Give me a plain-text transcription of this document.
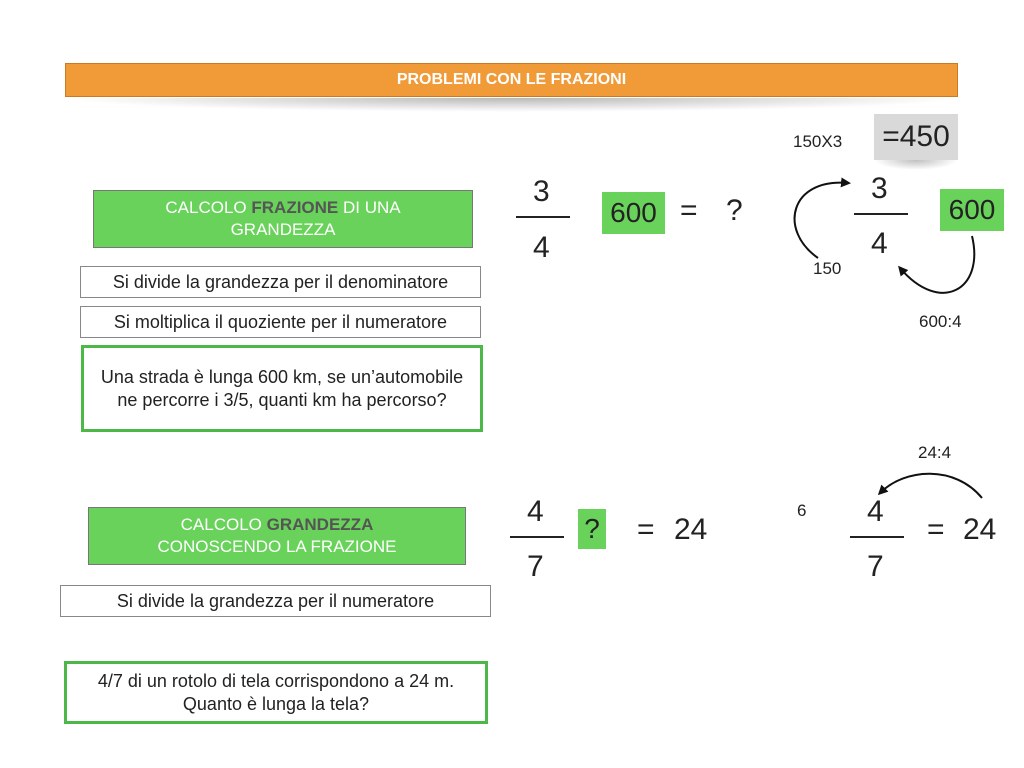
PROBLEMI CON LE FRAZIONI
CALCOLO FRAZIONE DI UNA
GRANDEZZA
Si divide la grandezza per il denominatore
Si moltiplica il quoziente per il numeratore
Una strada è lunga 600 km, se un’automobile ne percorre i 3/5, quanti km ha percorso?
3
4
600 = ?
150X3 =450
3
4
600
150
600:4
CALCOLO GRANDEZZA
CONOSCENDO LA FRAZIONE
Si divide la grandezza per il numeratore
4/7 di un rotolo di tela corrispondono a 24 m. Quanto è lunga la tela?
4
7
? = 24
24:4
6 4
7
= 24
